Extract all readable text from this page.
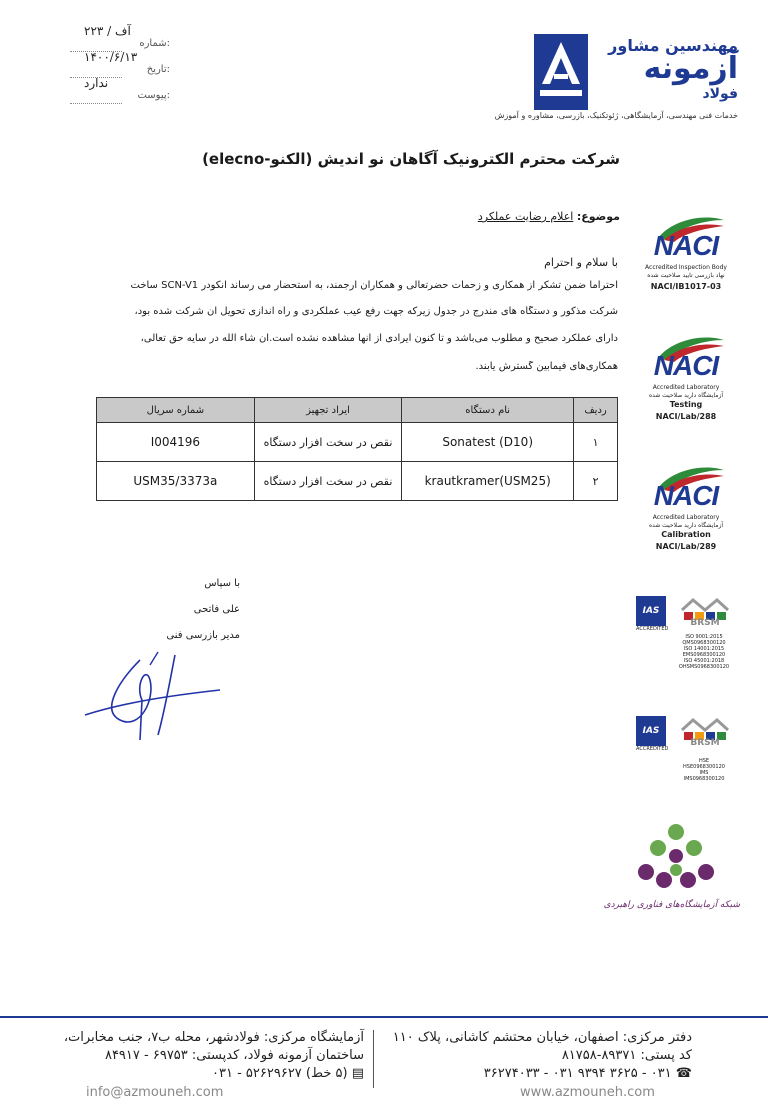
شماره:
۲۲۳ / آف
تاریخ:
۱۴۰۰/۶/۱۳
پیوست:
ندارد
مهندسین مشاور
آزمونه
فولاد
خدمات فنی مهندسی، آزمایشگاهی، ژئوتکنیک، بازرسی، مشاوره و آموزش
شرکت محترم الکترونیک آگاهان نو اندیش (الکنو-elecno)
موضوع: اعلام رضایت عملکرد
با سلام و احترام
احتراما ضمن تشکر از همکاری و زحمات حضرتعالی و همکاران ارجمند، به استحضار می رساند انکودر SCN-V1 ساخت
شرکت مذکور و دستگاه های مندرج در جدول زیرکه جهت رفع عیب عملکردی و راه اندازی تحویل آن شرکت شده بود،
دارای عملکرد صحیح و مطلوب می‌باشد و تا کنون ایرادی از آنها مشاهده نشده است.ان شاء الله در سایه حق تعالی،
همکاری‌های فیمابین گسترش یابند.
ردیف	نام دستگاه	ایراد تجهیز	شماره سریال
۱	Sonatest (D10)	نقص در سخت افزار دستگاه	I004196
۲	krautkramer(USM25)	نقص در سخت افزار دستگاه	USM35/3373a
با سپاس
علی فاتحی
مدیر بازرسی فنی
NACI
Accredited Inspection Body
نهاد بازرسی تایید صلاحیت شده
NACI/IB1017-03
NACI
Accredited Laboratory
آزمایشگاه دارید صلاحیت شده
Testing
NACI/Lab/288
NACI
Accredited Laboratory
آزمایشگاه دارید صلاحیت شده
Calibration
NACI/Lab/289
IAS
ACCREDITED
BRSM
ISO 9001:2015
QMS0968300120
ISO 14001:2015
EMS0968300120
ISO 45001:2018
OHSMS0968300120
IAS
ACCREDITED
BRSM
HSE
HSE0968300120
IMS
IMS0968300120
شبکه آزمایشگاه‌های فناوری راهبردی
دفتر مرکزی: اصفهان، خیابان محتشم کاشانی، پلاک ۱۱۰
کد پستی: ۸۹۳۷۱-۸۱۷۵۸
☎ ۰۳۱ - ۳۶۲۵ ۹۳۹۴ ۰۳۱ - ۳۶۲۷۴۰۳۳
آزمایشگاه مرکزی: فولادشهر، محله ب۷، جنب مخابرات،
ساختمان آزمونه فولاد، کدپستی: ۶۹۷۵۳ - ۸۴۹۱۷
▤ (۵ خط) ۵۲۶۲۹۶۲۷ - ۰۳۱
info@azmouneh.com	www.azmouneh.com
